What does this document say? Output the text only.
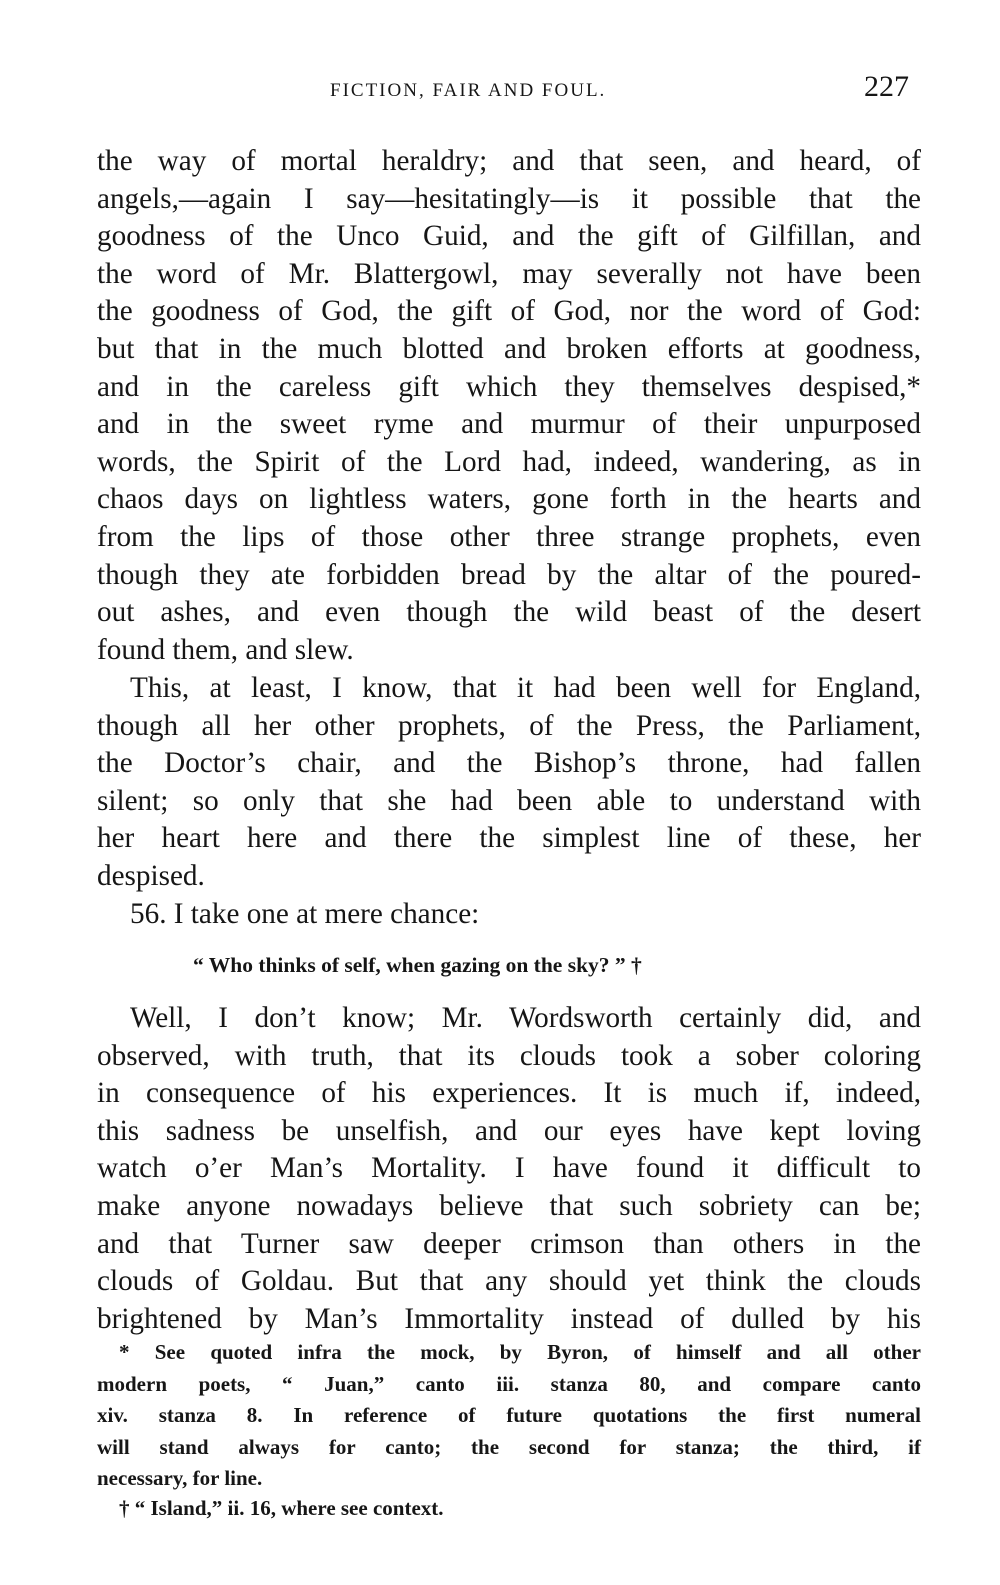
FICTION, FAIR AND FOUL.	227

the way of mortal heraldry; and that seen, and heard, of
angels,—again I say—hesitatingly—is it possible that the
goodness of the Unco Guid, and the gift of Gilfillan, and
the word of Mr. Blattergowl, may severally not have been
the goodness of God, the gift of God, nor the word of God:
but that in the much blotted and broken efforts at goodness,
and in the careless gift which they themselves despised,*
and in the sweet ryme and murmur of their unpurposed
words, the Spirit of the Lord had, indeed, wandering, as in
chaos days on lightless waters, gone forth in the hearts and
from the lips of those other three strange prophets, even
though they ate forbidden bread by the altar of the poured-
out ashes, and even though the wild beast of the desert
found them, and slew.

This, at least, I know, that it had been well for England,
though all her other prophets, of the Press, the Parliament,
the Doctor’s chair, and the Bishop’s throne, had fallen
silent; so only that she had been able to understand with
her heart here and there the simplest line of these, her
despised.

56. I take one at mere chance:

“ Who thinks of self, when gazing on the sky? ” †

Well, I don’t know; Mr. Wordsworth certainly did, and
observed, with truth, that its clouds took a sober coloring
in consequence of his experiences. It is much if, indeed,
this sadness be unselfish, and our eyes have kept loving
watch o’er Man’s Mortality. I have found it difficult to
make anyone nowadays believe that such sobriety can be;
and that Turner saw deeper crimson than others in the
clouds of Goldau. But that any should yet think the clouds
brightened by Man’s Immortality instead of dulled by his

* See quoted infra the mock, by Byron, of himself and all other
modern poets, “ Juan,” canto iii. stanza 80, and compare canto
xiv. stanza 8. In reference of future quotations the first numeral
will stand always for canto; the second for stanza; the third, if
necessary, for line.

† “ Island,” ii. 16, where see context.
